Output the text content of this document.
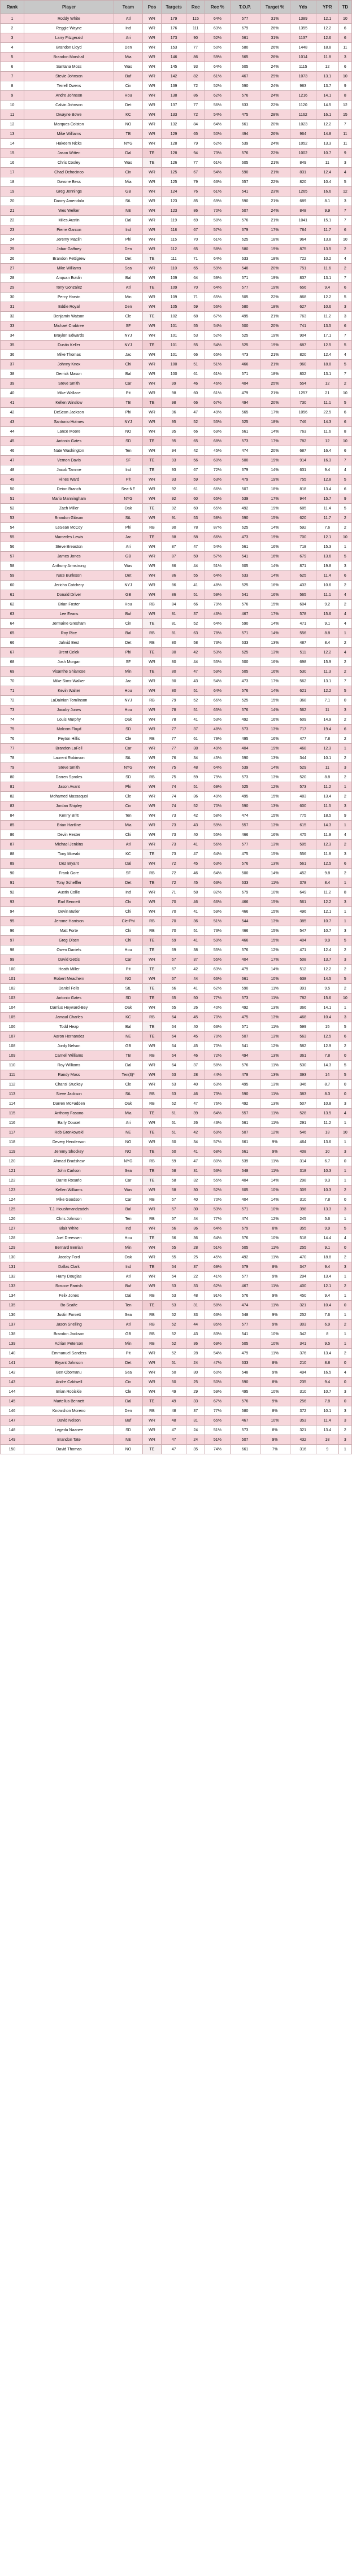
Rank	Player	Team	Pos	Targets	Rec	Rec %	T.O.P.	Target %	Yds	YPR	TD
1	Roddy White	Atl	WR	179	115	64%	577	31%	1389	12.1	10
2	Reggie Wayne	Ind	WR	176	111	63%	679	26%	1355	12.2	6
3	Larry Fitzgerald	Ari	WR	173	90	52%	561	31%	1137	12.6	6
4	Brandon Lloyd	Den	WR	153	77	50%	580	26%	1448	18.8	11
5	Brandon Marshall	Mia	WR	146	86	59%	565	26%	1014	11.8	3
6	Santana Moss	Was	WR	145	93	64%	605	24%	1115	12	6
7	Stevie Johnson	Buf	WR	142	82	61%	467	29%	1073	13.1	10
8	Terrell Owens	Cin	WR	139	72	52%	590	24%	983	13.7	9
9	Andre Johnson	Hou	WR	138	86	62%	576	24%	1216	14.1	8
10	Calvin Johnson	Det	WR	137	77	56%	633	22%	1120	14.5	12
11	Dwayne Bowe	KC	WR	133	72	54%	475	28%	1162	16.1	15
12	Marques Colston	NO	WR	132	84	64%	661	20%	1023	12.2	7
13	Mike Williams	TB	WR	129	65	50%	494	26%	964	14.8	11
14	Hakeem Nicks	NYG	WR	128	79	62%	539	24%	1052	13.3	11
15	Jason Witten	Dal	TE	128	94	73%	576	22%	1002	10.7	9
16	Chris Cooley	Was	TE	126	77	61%	605	21%	849	11	3
17	Chad Ochocinco	Cin	WR	125	67	54%	590	21%	831	12.4	4
18	Davone Bess	Mia	WR	125	79	63%	557	22%	820	10.4	5
19	Greg Jennings	GB	WR	124	76	61%	541	23%	1265	16.6	12
20	Danny Amendola	StL	WR	123	85	69%	590	21%	689	8.1	3
21	Wes Welker	NE	WR	123	86	70%	507	24%	848	9.9	7
22	Miles Austin	Dal	WR	119	69	58%	576	21%	1041	15.1	7
23	Pierre Garcon	Ind	WR	118	67	57%	679	17%	784	11.7	6
24	Jeremy Maclin	Phi	WR	115	70	61%	625	18%	964	13.8	10
25	Jabar Gaffney	Den	WR	112	65	58%	580	19%	875	13.5	2
26	Brandon Pettigrew	Det	TE	111	71	64%	633	18%	722	10.2	4
27	Mike Williams	Sea	WR	110	65	59%	548	20%	751	11.6	2
28	Anquan Boldin	Bal	WR	109	64	59%	571	19%	837	13.1	7
29	Tony Gonzalez	Atl	TE	109	70	64%	577	19%	656	9.4	6
30	Percy Harvin	Min	WR	109	71	65%	505	22%	868	12.2	5
31	Eddie Royal	Den	WR	105	59	56%	580	18%	627	10.6	3
32	Benjamin Watson	Cle	TE	102	68	67%	495	21%	763	11.2	3
33	Michael Crabtree	SF	WR	101	55	54%	500	20%	741	13.5	6
34	Braylon Edwards	NYJ	WR	101	53	52%	525	19%	904	17.1	7
35	Dustin Keller	NYJ	TE	101	55	54%	525	19%	687	12.5	5
36	Mike Thomas	Jac	WR	101	66	65%	473	21%	820	12.4	4
37	Johnny Knox	Chi	WR	100	51	51%	466	21%	960	18.8	5
38	Derrick Mason	Bal	WR	100	61	61%	571	18%	802	13.1	7
39	Steve Smith	Car	WR	99	46	46%	404	25%	554	12	2
40	Mike Wallace	Pit	WR	98	60	61%	479	21%	1257	21	10
41	Kellen Winslow	TB	TE	98	66	67%	494	20%	730	11.1	5
42	DeSean Jackson	Phi	WR	96	47	49%	565	17%	1056	22.5	6
43	Santonio Holmes	NYJ	WR	95	52	55%	525	18%	746	14.3	6
44	Lance Moore	NO	WR	95	66	69%	661	14%	763	11.6	8
45	Antonio Gates	SD	TE	95	65	68%	573	17%	782	12	10
46	Nate Washington	Ten	WR	94	42	45%	474	20%	687	16.4	6
47	Vernon Davis	SF	TE	93	56	60%	500	19%	914	16.3	7
48	Jacob Tamme	Ind	TE	93	67	72%	679	14%	631	9.4	4
49	Hines Ward	Pit	WR	93	59	63%	479	19%	755	12.8	5
50	Deion Branch	Sea-NE	WR	92	61	66%	507	18%	818	13.4	6
51	Mario Manningham	NYG	WR	92	60	65%	539	17%	944	15.7	9
52	Zach Miller	Oak	TE	92	60	65%	492	19%	685	11.4	5
53	Brandon Gibson	StL	WR	91	53	58%	590	15%	620	11.7	2
54	LeSean McCoy	Phi	RB	90	78	87%	625	14%	592	7.6	2
55	Marcedes Lewis	Jac	TE	88	58	66%	473	19%	700	12.1	10
56	Steve Breaston	Ari	WR	87	47	54%	561	16%	718	15.3	1
57	James Jones	GB	WR	87	50	57%	541	16%	679	13.6	5
58	Anthony Armstrong	Was	WR	86	44	51%	605	14%	871	19.8	3
59	Nate Burleson	Det	WR	86	55	64%	633	14%	625	11.4	6
60	Jericho Cotchery	NYJ	WR	86	41	48%	525	16%	433	10.6	2
61	Donald Driver	GB	WR	86	51	59%	541	16%	565	11.1	4
62	Brian Foster	Hou	RB	84	66	79%	576	15%	604	9.2	2
63	Lee Evans	Buf	WR	81	37	46%	467	17%	578	15.6	4
64	Jermaine Gresham	Cin	TE	81	52	64%	590	14%	471	9.1	4
65	Ray Rice	Bal	RB	81	63	78%	571	14%	556	8.8	1
66	Jahvid Best	Det	RB	80	58	73%	633	13%	487	8.4	2
67	Brent Celek	Phi	TE	80	42	53%	625	13%	511	12.2	4
68	Josh Morgan	SF	WR	80	44	55%	500	16%	698	15.9	2
69	Visanthe Shiancoe	Min	TE	80	47	59%	505	16%	530	11.3	2
70	Mike Sims-Walker	Jac	WR	80	43	54%	473	17%	562	13.1	7
71	Kevin Walter	Hou	WR	80	51	64%	576	14%	621	12.2	5
72	LaDainian Tomlinson	NYJ	RB	79	52	66%	525	15%	368	7.1	0
73	Jacoby Jones	Hou	WR	78	51	65%	576	14%	562	11	3
74	Louis Murphy	Oak	WR	78	41	53%	492	16%	609	14.9	2
75	Malcom Floyd	SD	WR	77	37	48%	573	13%	717	19.4	6
76	Peyton Hillis	Cle	RB	77	61	79%	495	16%	477	7.8	2
77	Brandon LaFell	Car	WR	77	38	49%	404	19%	468	12.3	1
78	Laurent Robinson	StL	WR	76	34	45%	590	13%	344	10.1	2
79	Steve Smith	NYG	WR	75	48	64%	539	14%	529	11	3
80	Darren Sproles	SD	RB	75	59	79%	573	13%	520	8.8	2
81	Jason Avant	Phi	WR	74	51	69%	625	12%	573	11.2	1
82	Mohamed Massaquoi	Cle	WR	74	36	49%	495	15%	483	13.4	2
83	Jordan Shipley	Cin	WR	74	52	70%	590	13%	600	11.5	3
84	Kenny Britt	Ten	WR	73	42	58%	474	15%	775	18.5	9
85	Brian Hartline	Mia	WR	73	43	59%	557	13%	615	14.3	1
86	Devin Hester	Chi	WR	73	40	55%	466	16%	475	11.9	4
87	Michael Jenkins	Atl	WR	73	41	56%	577	13%	505	12.3	2
88	Tony Moeaki	KC	TE	73	47	64%	475	15%	556	11.8	3
89	Dez Bryant	Dal	WR	72	45	63%	576	13%	561	12.5	6
90	Frank Gore	SF	RB	72	46	64%	500	14%	452	9.8	2
91	Tony Scheffler	Det	TE	72	45	63%	633	11%	378	8.4	1
92	Austin Collie	Ind	WR	71	58	82%	679	10%	649	11.2	8
93	Earl Bennett	Chi	WR	70	46	66%	466	15%	561	12.2	3
94	Devin Butler	Chi	WR	70	41	59%	466	15%	496	12.1	1
95	Jerome Harrison	Cle-Phi	RB	70	36	51%	544	13%	385	10.7	1
96	Matt Forte	Chi	RB	70	51	73%	466	15%	547	10.7	3
97	Greg Olsen	Chi	TE	69	41	59%	466	15%	404	9.9	5
98	Owen Daniels	Hou	TE	69	38	55%	576	12%	471	12.4	2
99	David Gettis	Car	WR	67	37	55%	404	17%	508	13.7	3
100	Heath Miller	Pit	TE	67	42	63%	479	14%	512	12.2	2
101	Robert Meachem	NO	WR	67	44	66%	661	10%	638	14.5	5
102	Daniel Fells	StL	TE	66	41	62%	590	11%	391	9.5	2
103	Antonio Gates	SD	TE	65	50	77%	573	11%	782	15.6	10
104	Darrius Heyward-Bey	Oak	WR	65	26	40%	492	13%	366	14.1	1
105	Jamaal Charles	KC	RB	64	45	70%	475	13%	468	10.4	3
106	Todd Heap	Bal	TE	64	40	63%	571	11%	599	15	5
107	Aaron Hernandez	NE	TE	64	45	70%	507	13%	563	12.5	6
108	Jordy Nelson	GB	WR	64	45	70%	541	12%	582	12.9	2
109	Carnell Williams	TB	RB	64	46	72%	494	13%	361	7.8	0
110	Roy Williams	Dal	WR	64	37	58%	576	11%	530	14.3	5
111	Randy Moss	Ten(3)*	WR	63	28	44%	478	13%	393	14	5
112	Chansi Stuckey	Cle	WR	63	40	63%	495	13%	346	8.7	0
113	Steve Jackson	StL	RB	63	46	73%	590	11%	383	8.3	0
114	Darren McFadden	Oak	RB	62	47	76%	492	13%	507	10.8	3
115	Anthony Fasano	Mia	TE	61	39	64%	557	11%	528	13.5	4
116	Early Doucet	Ari	WR	61	26	43%	561	11%	291	11.2	1
117	Rob Gronkowski	NE	TE	61	42	69%	507	12%	546	13	10
118	Devery Henderson	NO	WR	60	34	57%	661	9%	464	13.6	1
119	Jeremy Shockey	NO	TE	60	41	68%	661	9%	408	10	3
120	Ahmad Bradshaw	NYG	RB	59	47	80%	539	11%	314	6.7	0
121	John Carlson	Sea	TE	58	31	53%	548	11%	318	10.3	1
122	Dante Rosario	Car	TE	58	32	55%	404	14%	298	9.3	1
123	Kellen Williams	Was	WR	58	30	52%	605	10%	309	10.3	2
124	Mike Goodson	Car	RB	57	40	70%	404	14%	310	7.8	0
125	T.J. Houshmandzadeh	Bal	WR	57	30	53%	571	10%	398	13.3	3
126	Chris Johnson	Ten	RB	57	44	77%	474	12%	245	5.6	1
127	Blair White	Ind	WR	56	36	64%	679	8%	355	9.9	5
128	Joel Dreessen	Hou	TE	56	36	64%	576	10%	518	14.4	4
129	Bernard Berrian	Min	WR	55	28	51%	505	11%	255	9.1	0
130	Jacoby Ford	Oak	WR	55	25	45%	492	11%	470	18.8	2
131	Dallas Clark	Ind	TE	54	37	69%	679	8%	347	9.4	3
132	Harry Douglas	Atl	WR	54	22	41%	577	9%	294	13.4	1
133	Roscoe Parrish	Buf	WR	53	33	62%	467	11%	400	12.1	2
134	Felix Jones	Dal	RB	53	48	91%	576	9%	450	9.4	1
135	Bo Scaife	Ten	TE	53	31	58%	474	11%	321	10.4	0
136	Justin Forsett	Sea	RB	52	33	63%	548	9%	252	7.6	1
137	Jason Snelling	Atl	RB	52	44	85%	577	9%	303	6.9	2
138	Brandon Jackson	GB	RB	52	43	83%	541	10%	342	8	1
139	Adrian Peterson	Min	RB	52	36	69%	505	10%	341	9.5	1
140	Emmanuel Sanders	Pit	WR	52	28	54%	479	11%	376	13.4	2
141	Bryant Johnson	Det	WR	51	24	47%	633	8%	210	8.8	0
142	Ben Obomanu	Sea	WR	50	30	60%	548	9%	494	16.5	4
143	Andre Caldwell	Cin	WR	50	25	50%	590	8%	235	9.4	0
144	Brian Robiskie	Cle	WR	49	29	59%	495	10%	310	10.7	3
145	Martellus Bennett	Dal	TE	49	33	67%	576	9%	256	7.8	0
146	Knowshon Moreno	Den	RB	48	37	77%	580	8%	372	10.1	3
147	David Nelson	Buf	WR	48	31	65%	467	10%	353	11.4	3
148	Legedu Naanee	SD	WR	47	24	51%	573	8%	321	13.4	2
149	Brandon Tate	NE	WR	47	24	51%	507	9%	432	18	3
150	David Thomas	NO	TE	47	35	74%	661	7%	316	9	1
